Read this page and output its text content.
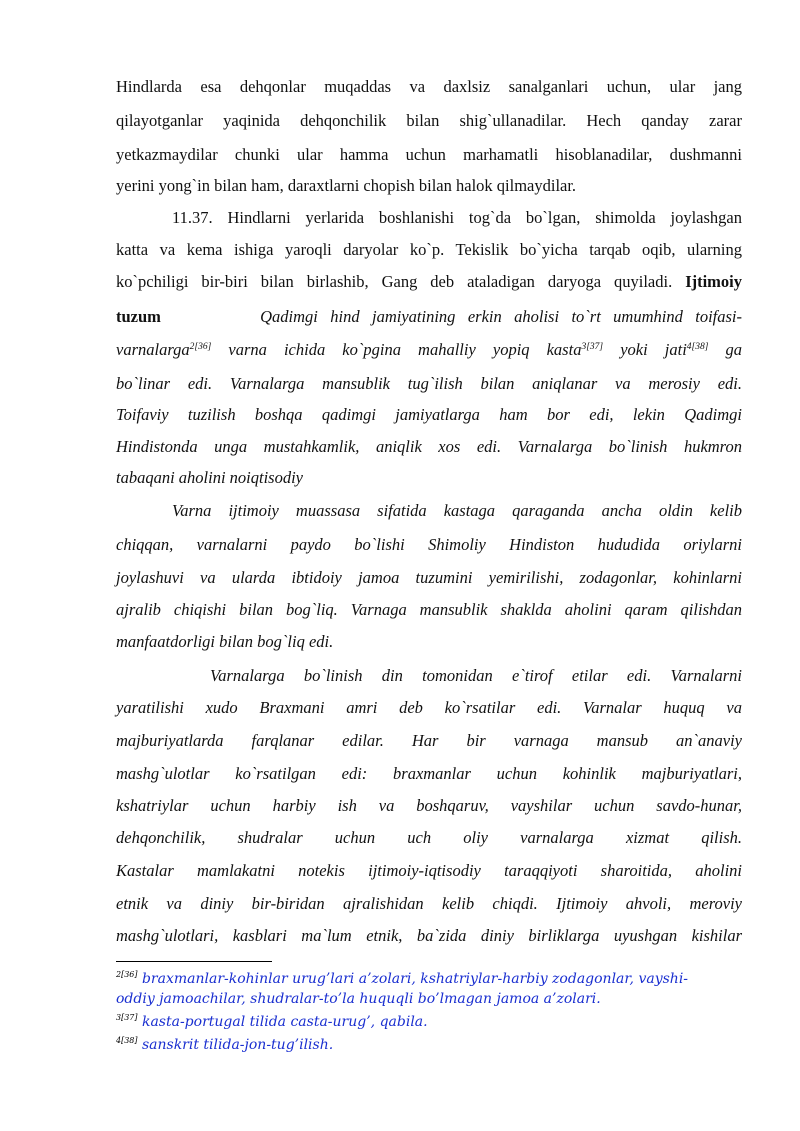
Hindlarda esa dehqonlar muqaddas va daxlsiz sanalganlari uchun, ular jang
qilayotganlar yaqinida dehqonchilik bilan shig`ullanadilar. Hech qanday zarar
yetkazmaydilar chunki ular hamma uchun marhamatli hisoblanadilar, dushmanni
yerini yong`in bilan ham, daraxtlarni chopish bilan halok qilmaydilar.
11.37. Hindlarni yerlarida boshlanishi tog`da bo`lgan, shimolda joylashgan
katta va kema ishiga yaroqli daryolar ko`p. Tekislik bo`yicha tarqab oqib, ularning
ko`pchiligi bir-biri bilan birlashib, Gang deb ataladigan daryoga quyiladi. Ijtimoiy
tuzum	Qadimgi hind jamiyatining erkin aholisi to`rt umumhind toifasi-
varnalarga$^{2[36]}$ varna ichida ko`pgina mahalliy yopiq kasta$^{3[37]}$ yoki jati$^{4[38]}$ ga
bo`linar edi. Varnalarga mansublik tug`ilish bilan aniqlanar va merosiy edi.
Toifaviy tuzilish boshqa qadimgi jamiyatlarga ham bor edi, lekin Qadimgi
Hindistonda unga mustahkamlik, aniqlik xos edi. Varnalarga bo`linish hukmron
tabaqani aholini noiqtisodiy
Varna ijtimoiy muassasa sifatida kastaga qaraganda ancha oldin kelib
chiqqan, varnalarni paydo bo`lishi Shimoliy Hindiston hududida oriylarni
joylashuvi va ularda ibtidoiy jamoa tuzumini yemirilishi, zodagonlar, kohinlarni
ajralib chiqishi bilan bog`liq. Varnaga mansublik shaklda aholini qaram qilishdan
manfaatdorligi bilan bog`liq edi.
Varnalarga bo`linish din tomonidan e`tirof etilar edi. Varnalarni
yaratilishi xudo Braxmani amri deb ko`rsatilar edi. Varnalar huquq va
majburiyatlarda farqlanar edilar. Har bir varnaga mansub an`anaviy
mashg`ulotlar ko`rsatilgan edi: braxmanlar uchun kohinlik majburiyatlari,
kshatriylar uchun harbiy ish va boshqaruv, vayshilar uchun savdo-hunar,
dehqonchilik, shudralar uchun uch oliy varnalarga xizmat qilish.
Kastalar mamlakatni notekis ijtimoiy-iqtisodiy taraqqiyoti sharoitida, aholini
etnik va diniy bir-biridan ajralishidan kelib chiqdi. Ijtimoiy ahvoli, meroviy
mashg`ulotlari, kasblari ma`lum etnik, ba`zida diniy birliklarga uyushgan kishilar
$^{2[36]}$ braxmanlar-kohinlar urug’lari a’zolari, kshatriylar-harbiy zodagonlar, vayshi-
oddiy jamoachilar, shudralar-to’la huquqli bo’lmagan jamoa a’zolari.
$^{3[37]}$ kasta-portugal tilida casta-urug’, qabila.
$^{4[38]}$ sanskrit tilida-jon-tug’ilish.
